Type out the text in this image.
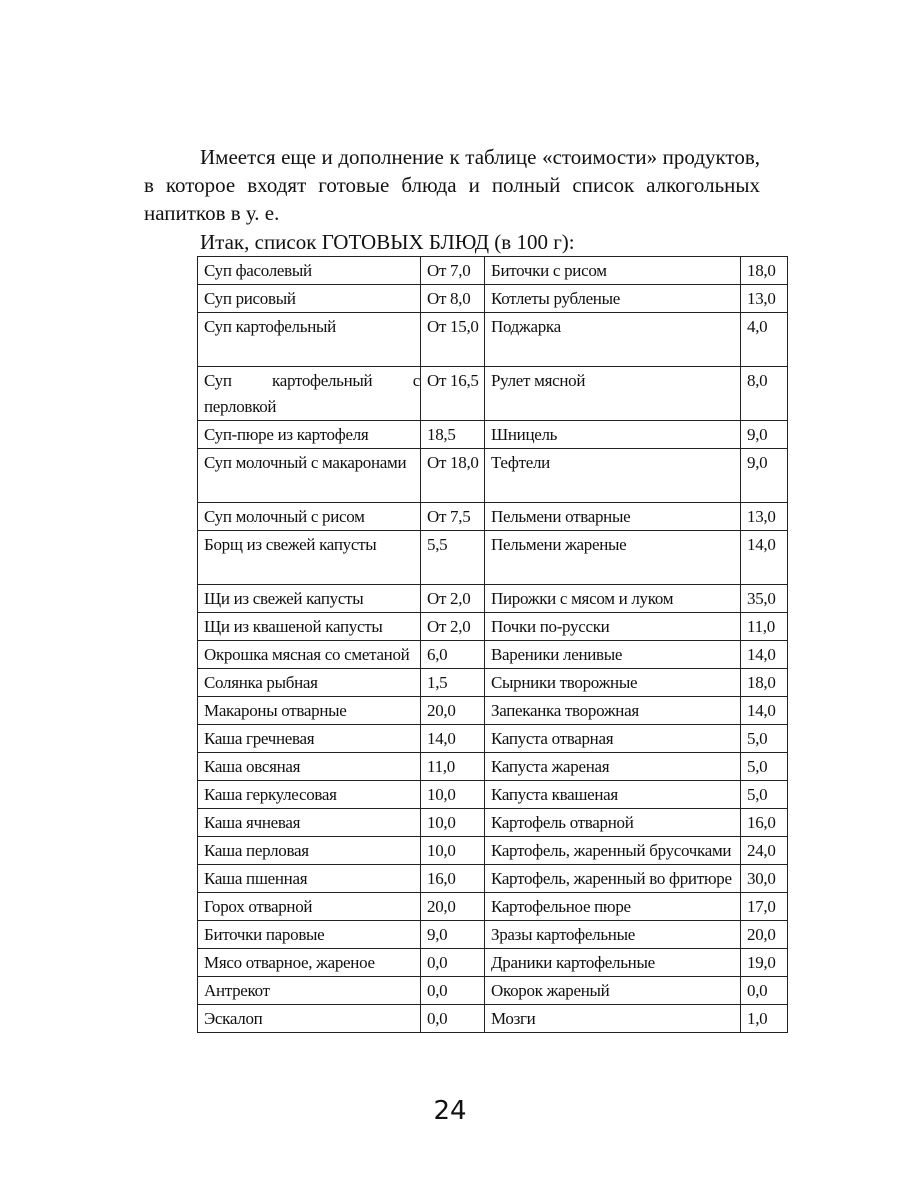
Имеется еще и дополнение к таблице «стоимости» продуктов, в которое входят готовые блюда и полный список алкогольных напитков в у. е.

Итак, список ГОТОВЫХ БЛЮД (в 100 г):

Суп фасолевый	От 7,0	Биточки с рисом	18,0
Суп рисовый	От 8,0	Котлеты рубленые	13,0
Суп картофельный	От 15,0	Поджарка	4,0
Суп картофельный с перловкой	От 16,5	Рулет мясной	8,0
Суп-пюре из картофеля	18,5	Шницель	9,0
Суп молочный с макаронами	От 18,0	Тефтели	9,0
Суп молочный с рисом	От 7,5	Пельмени отварные	13,0
Борщ из свежей капусты	5,5	Пельмени жареные	14,0
Щи из свежей капусты	От 2,0	Пирожки с мясом и луком	35,0
Щи из квашеной капусты	От 2,0	Почки по-русски	11,0
Окрошка мясная со сметаной	6,0	Вареники ленивые	14,0
Солянка рыбная	1,5	Сырники творожные	18,0
Макароны отварные	20,0	Запеканка творожная	14,0
Каша гречневая	14,0	Капуста отварная	5,0
Каша овсяная	11,0	Капуста жареная	5,0
Каша геркулесовая	10,0	Капуста квашеная	5,0
Каша ячневая	10,0	Картофель отварной	16,0
Каша перловая	10,0	Картофель, жаренный брусочками	24,0
Каша пшенная	16,0	Картофель, жаренный во фритюре	30,0
Горох отварной	20,0	Картофельное пюре	17,0
Биточки паровые	9,0	Зразы картофельные	20,0
Мясо отварное, жареное	0,0	Драники картофельные	19,0
Антрекот	0,0	Окорок жареный	0,0
Эскалоп	0,0	Мозги	1,0
24
